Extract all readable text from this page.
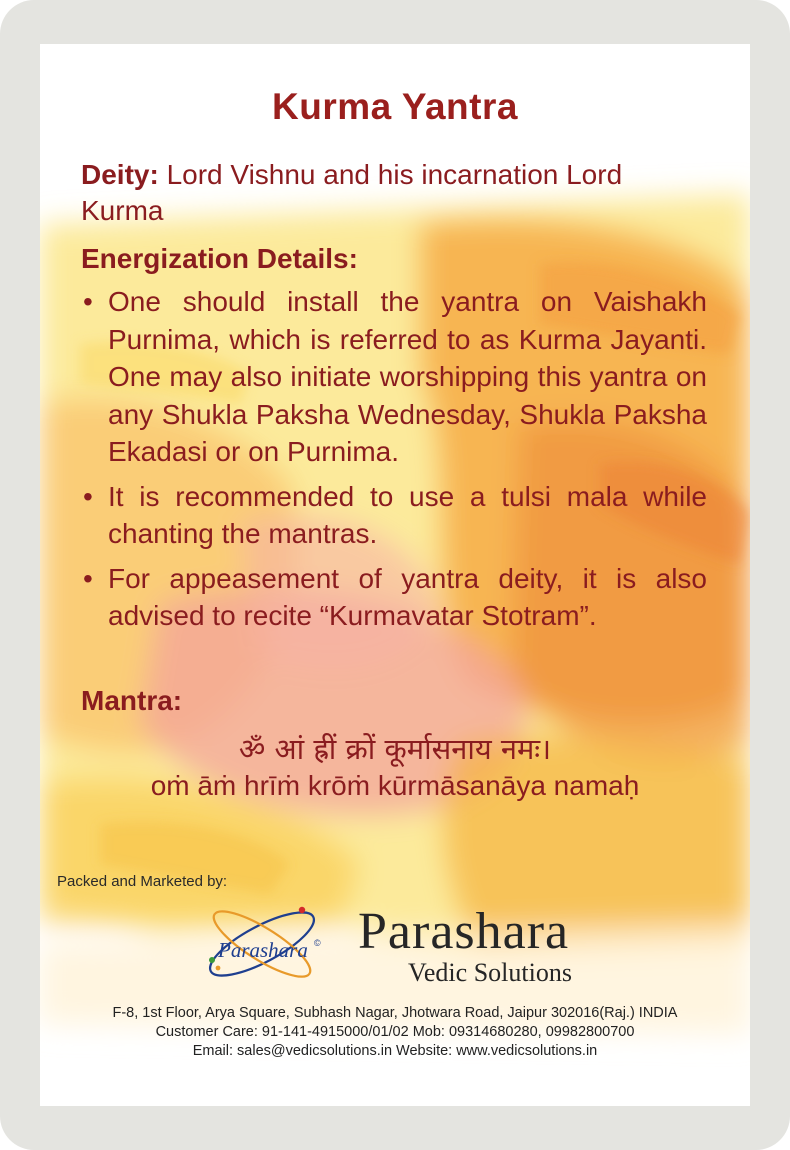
Kurma Yantra
Deity: Lord Vishnu and his incarnation Lord Kurma
Energization Details:
• One should install the yantra on Vaishakh Purnima, which is referred to as Kurma Jayanti. One may also initiate worshipping this yantra on any Shukla Paksha Wednesday, Shukla Paksha Ekadasi or on Purnima.
• It is recommended to use a tulsi mala while chanting the mantras.
• For appeasement of yantra deity, it is also advised to recite “Kurmavatar Stotram”.
Mantra:
ॐ आं ह्रीं क्रों कूर्मासनाय नमः।
oṁ āṁ hrīṁ krōṁ kūrmāsanāya namaḥ
Packed and Marketed by:
Parashara © Parashara
Vedic Solutions
F-8, 1st Floor, Arya Square, Subhash Nagar, Jhotwara Road, Jaipur 302016(Raj.) INDIA
Customer Care: 91-141-4915000/01/02 Mob: 09314680280, 09982800700
Email: sales@vedicsolutions.in Website: www.vedicsolutions.in
